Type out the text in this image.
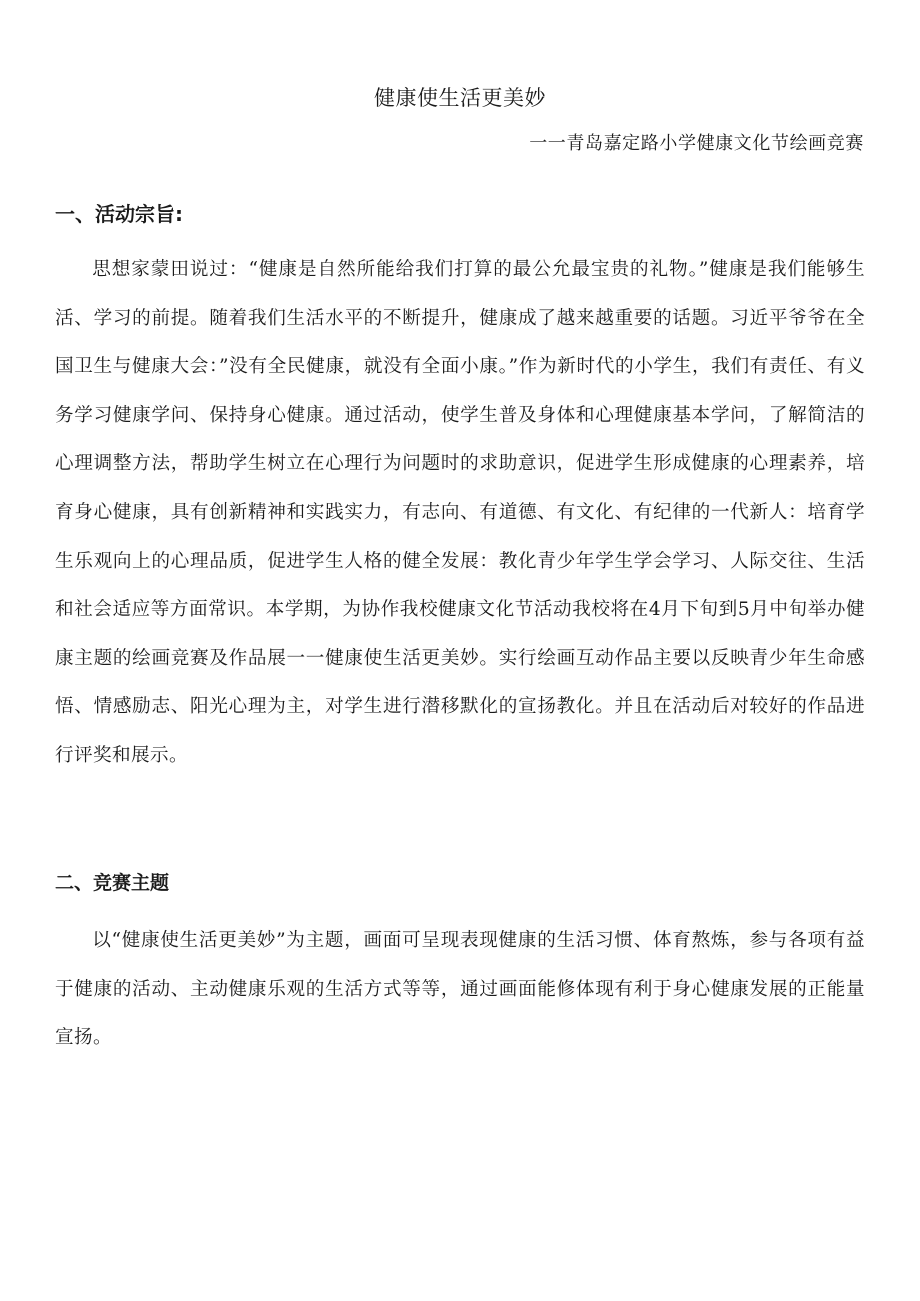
健康使生活更美妙
一一青岛嘉定路小学健康文化节绘画竞赛
一、活动宗旨:

思想家蒙田说过：“健康是自然所能给我们打算的最公允最宝贵的礼物。”健康是我们能够生活、学习的前提。随着我们生活水平的不断提升，健康成了越来越重要的话题。习近平爷爷在全国卫生与健康大会：”没有全民健康，就没有全面小康。”作为新时代的小学生，我们有责任、有义务学习健康学问、保持身心健康。通过活动，使学生普及身体和心理健康基本学问，了解简洁的心理调整方法，帮助学生树立在心理行为问题时的求助意识，促进学生形成健康的心理素养，培育身心健康，具有创新精神和实践实力，有志向、有道德、有文化、有纪律的一代新人：培育学生乐观向上的心理品质，促进学生人格的健全发展：教化青少年学生学会学习、人际交往、生活和社会适应等方面常识。本学期，为协作我校健康文化节活动我校将在4月下旬到5月中旬举办健康主题的绘画竞赛及作品展一一健康使生活更美妙。实行绘画互动作品主要以反映青少年生命感悟、情感励志、阳光心理为主，对学生进行潜移默化的宣扬教化。并且在活动后对较好的作品进行评奖和展示。

二、竞赛主题

以“健康使生活更美妙”为主题，画面可呈现表现健康的生活习惯、体育熬炼，参与各项有益于健康的活动、主动健康乐观的生活方式等等，通过画面能修体现有利于身心健康发展的正能量宣扬。
